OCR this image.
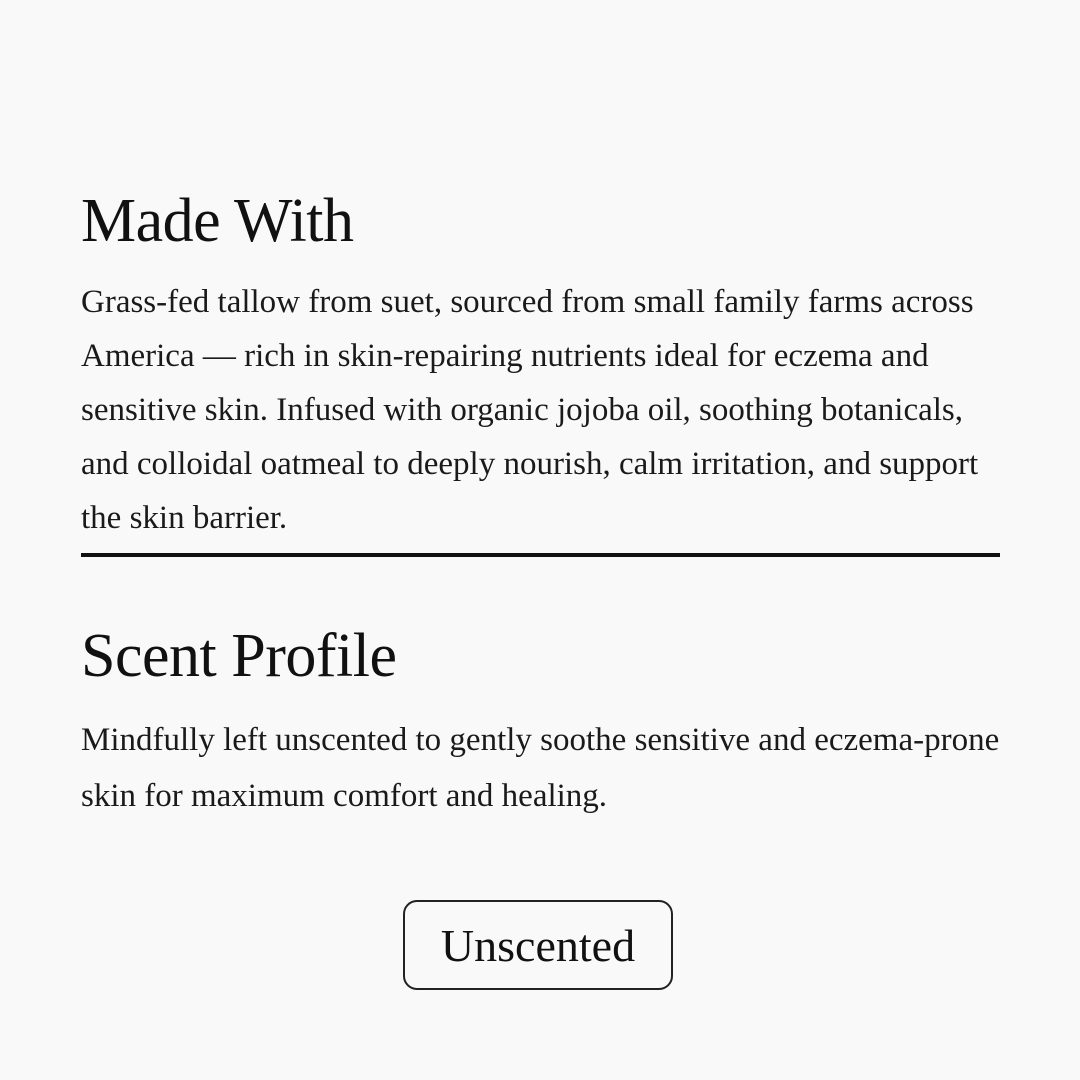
Made With

Grass-fed tallow from suet, sourced from small family farms across America — rich in skin-repairing nutrients ideal for eczema and sensitive skin. Infused with organic jojoba oil, soothing botanicals, and colloidal oatmeal to deeply nourish, calm irritation, and support the skin barrier.

Scent Profile

Mindfully left unscented to gently soothe sensitive and eczema-prone skin for maximum comfort and healing.

Unscented
